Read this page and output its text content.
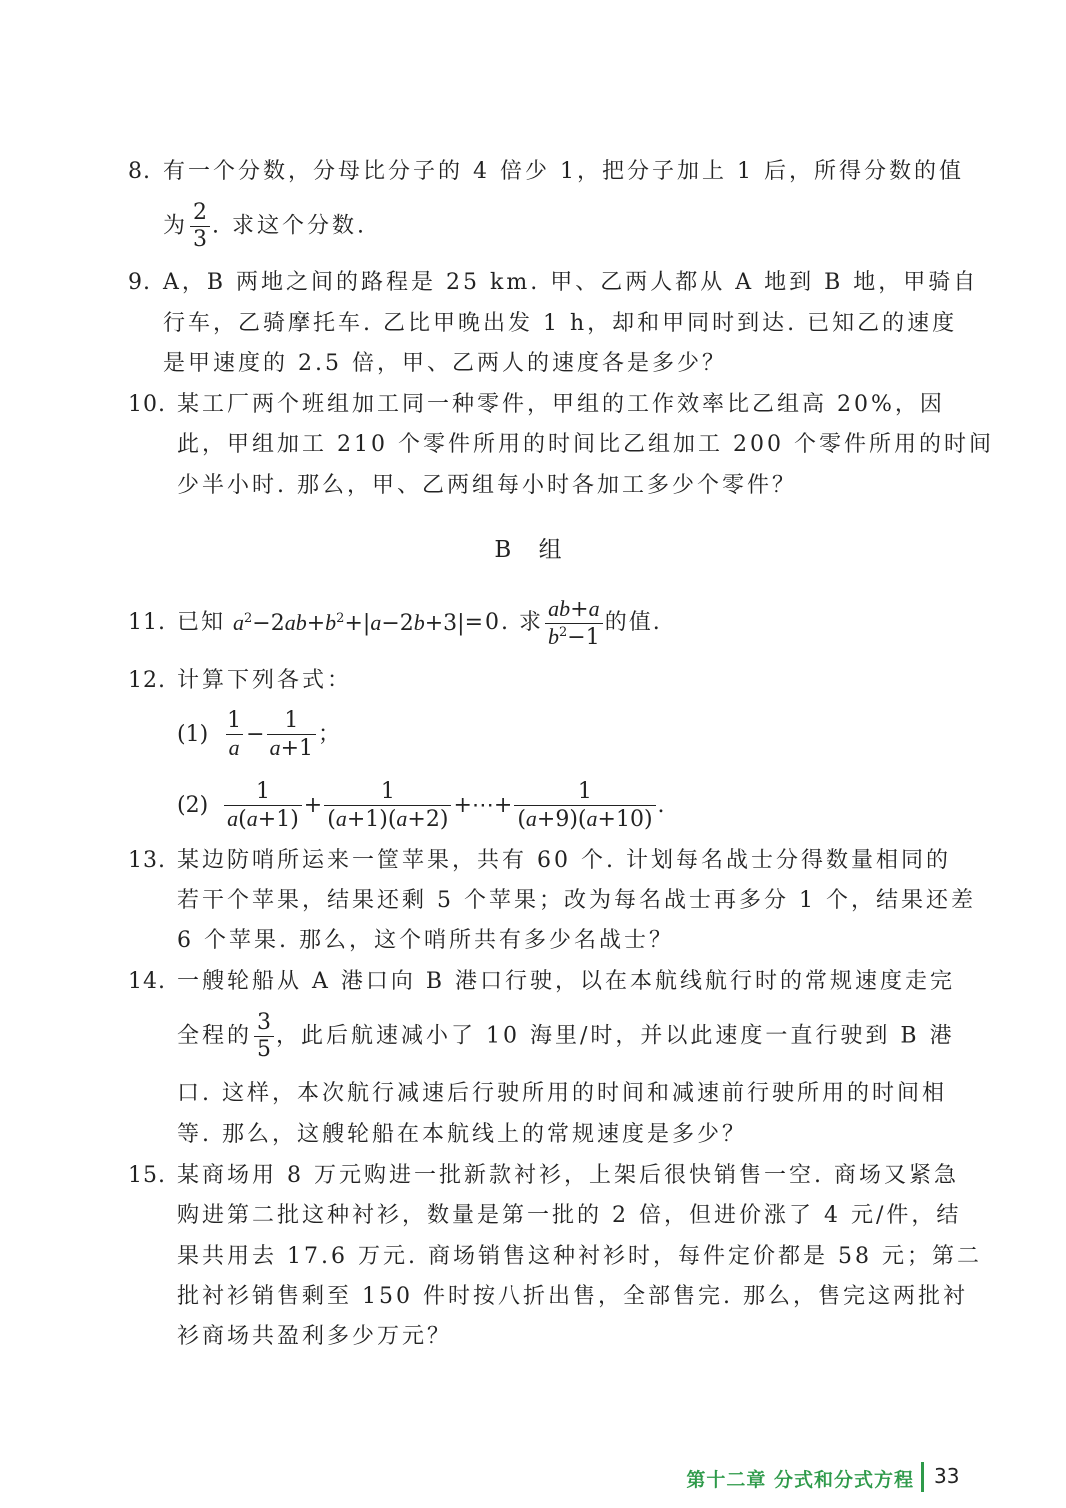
8. 有一个分数，分母比分子的 4 倍少 1，把分子加上 1 后，所得分数的值
为 $\frac{2}{3}$ . 求这个分数.
9. A，B 两地之间的路程是 25 km. 甲、乙两人都从 A 地到 B 地，甲骑自
行车，乙骑摩托车. 乙比甲晚出发 1 h，却和甲同时到达. 已知乙的速度
是甲速度的 2.5 倍，甲、乙两人的速度各是多少？
10. 某工厂两个班组加工同一种零件，甲组的工作效率比乙组高 20%，因
此，甲组加工 210 个零件所用的时间比乙组加工 200 个零件所用的时间
少半小时. 那么，甲、乙两组每小时各加工多少个零件？
B 组
11. 已知 $a^2-2ab+b^2+|a-2b+3| =0$. 求 $\frac{ab+a}{b^2-1}$ 的值.
12. 计算下列各式：
$(1) \frac{1}{a} - \frac{1}{a+1}$ ；
$(2) \frac{1}{a(a+1)} + \frac{1}{(a+1)(a+2)}$ +⋯+ $\frac{1}{(a+9)(a+10)}$ .
13. 某边防哨所运来一筐苹果，共有 60 个. 计划每名战士分得数量相同的
若干个苹果，结果还剩 5 个苹果；改为每名战士再多分 1 个，结果还差
6 个苹果. 那么，这个哨所共有多少名战士？
14. 一艘轮船从 A 港口向 B 港口行驶，以在本航线航行时的常规速度走完
全程的 $\frac{3}{5}$ ，此后航速减小了 10 海里/时，并以此速度一直行驶到 B 港
口. 这样，本次航行减速后行驶所用的时间和减速前行驶所用的时间相
等. 那么，这艘轮船在本航线上的常规速度是多少？
15. 某商场用 8 万元购进一批新款衬衫，上架后很快销售一空. 商场又紧急
购进第二批这种衬衫，数量是第一批的 2 倍，但进价涨了 4 元/件，结
果共用去 17.6 万元. 商场销售这种衬衫时，每件定价都是 58 元；第二
批衬衫销售剩至 150 件时按八折出售，全部售完. 那么，售完这两批衬
衫商场共盈利多少万元？
第十二章 分式和分式方程 33
